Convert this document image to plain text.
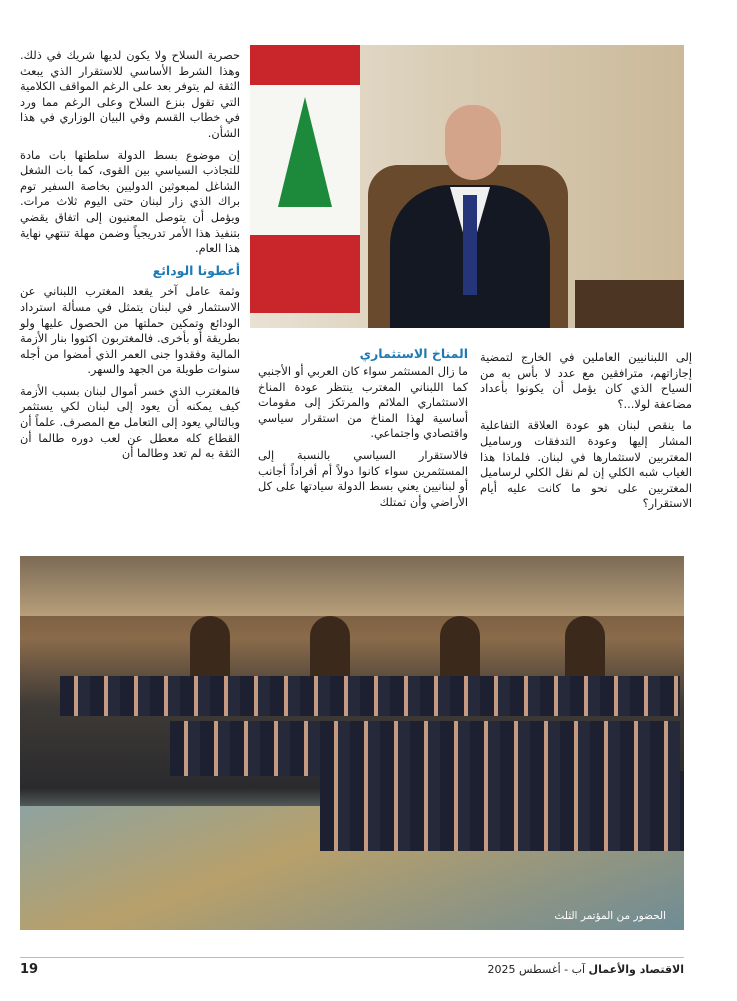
حصرية السلاح ولا يكون لديها شريك في ذلك. وهذا الشرط الأساسي للاستقرار الذي يبعث الثقة لم يتوفر بعد على الرغم المواقف الكلامية التي تقول بنزع السلاح وعلى الرغم مما ورد في خطاب القسم وفي البيان الوزاري في هذا الشأن.

إن موضوع بسط الدولة سلطتها بات مادة للتجاذب السياسي بين القوى، كما بات الشغل الشاغل لمبعوثين الدوليين بخاصة السفير توم براك الذي زار لبنان حتى اليوم ثلاث مرات. ويؤمل أن يتوصل المعنيون إلى اتفاق يقضي بتنفيذ هذا الأمر تدريجياً وضمن مهلة تنتهي نهاية هذا العام.

أعطونا الودائع

وثمة عامل آخر يقعد المغترب اللبناني عن الاستثمار في لبنان يتمثل في مسألة استرداد الودائع وتمكين حملتها من الحصول عليها ولو بطريقة أو بأخرى. فالمغتربون اكتووا بنار الأزمة المالية وفقدوا جنى العمر الذي أمضوا من أجله سنوات طويلة من الجهد والسهر.

فالمغترب الذي خسر أموال لبنان بسبب الأزمة كيف يمكنه أن يعود إلى لبنان لكي يستثمر وبالتالي يعود إلى التعامل مع المصرف. علماً أن القطاع كله معطل عن لعب دوره طالما أن الثقة به لم تعد وطالما أن

المناخ الاستثماري

ما زال المستثمر سواء كان العربي أو الأجنبي كما اللبناني المغترب ينتظر عودة المناخ الاستثماري الملائم والمرتكز إلى مقومات أساسية لهذا المناخ من استقرار سياسي واقتصادي واجتماعي.

فالاستقرار السياسي بالنسبة إلى المستثمرين سواء كانوا دولاً أم أفراداً أجانب أو لبنانيين يعني بسط الدولة سيادتها على كل الأراضي وأن تمتلك

إلى اللبنانيين العاملين في الخارج لتمضية إجازاتهم، مترافقين مع عدد لا بأس به من السياح الذي كان يؤمل أن يكونوا بأعداد مضاعفة لولا...؟

ما ينقص لبنان هو عودة العلاقة التفاعلية المشار إليها وعودة التدفقات ورساميل المغتربين لاستثمارها في لبنان. فلماذا هذا الغياب شبه الكلي إن لم نقل الكلي لرساميل المغتربين على نحو ما كانت عليه أيام الاستقرار؟

الحضور من المؤتمر الثلث
19	الاقتصاد والأعمال آب - أغسطس 2025
